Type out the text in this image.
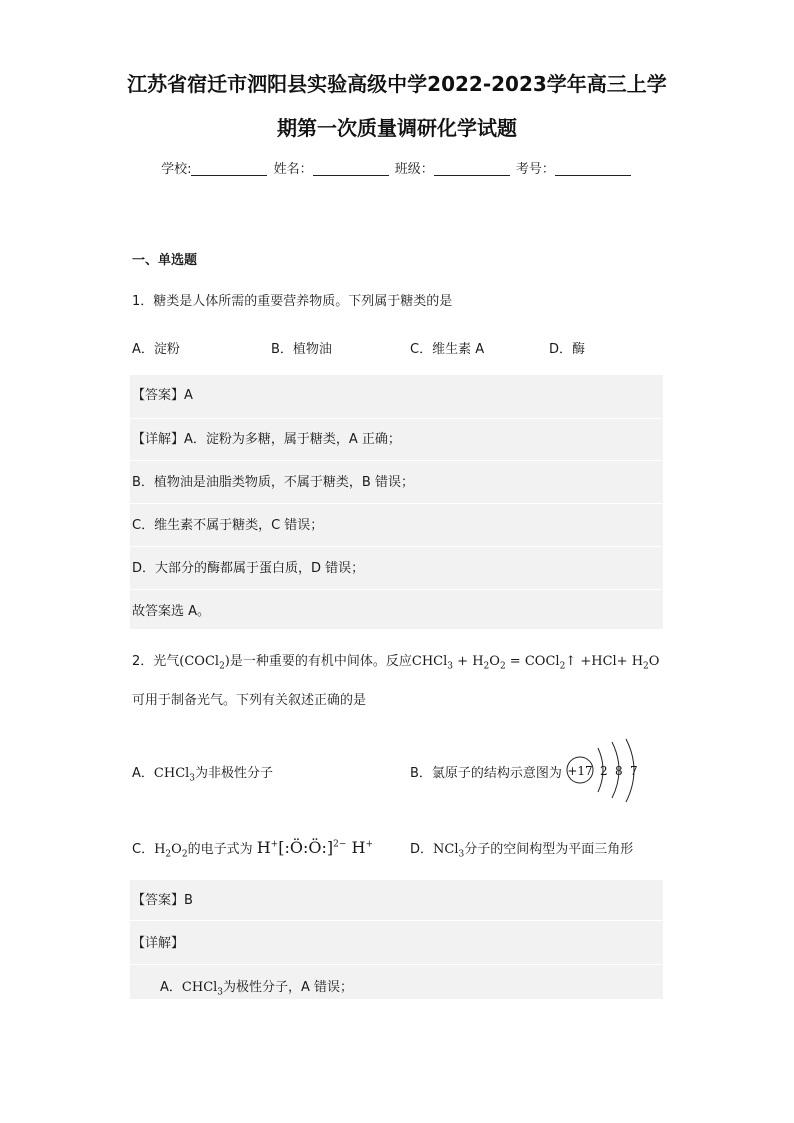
江苏省宿迁市泗阳县实验高级中学2022-2023学年高三上学
期第一次质量调研化学试题
学校:	姓名：	班级：	考号：
一、单选题
1．糖类是人体所需的重要营养物质。下列属于糖类的是
A．淀粉	B．植物油	C．维生素 A	D．酶
【答案】A
【详解】A．淀粉为多糖，属于糖类，A 正确；
B．植物油是油脂类物质，不属于糖类，B 错误；
C．维生素不属于糖类，C 错误；
D．大部分的酶都属于蛋白质，D 错误；
故答案选 A。
2．光气(COCl$_2$)是一种重要的有机中间体。反应CHCl$_3$ + $H_2O_2$ = COCl$_2$↑ $+HCl+ H_2O$
可用于制备光气。下列有关叙述正确的是
A．CHCl$_3$为非极性分子	B．氯原子的结构示意图为 +17 2 8 7
C．$H_2O_2$的电子式为 H+[:Ö:Ö:]$^{2-}$ H+	D．NCl$_3$分子的空间构型为平面三角形
【答案】B
【详解】
A．CHCl$_3$为极性分子，A 错误；
